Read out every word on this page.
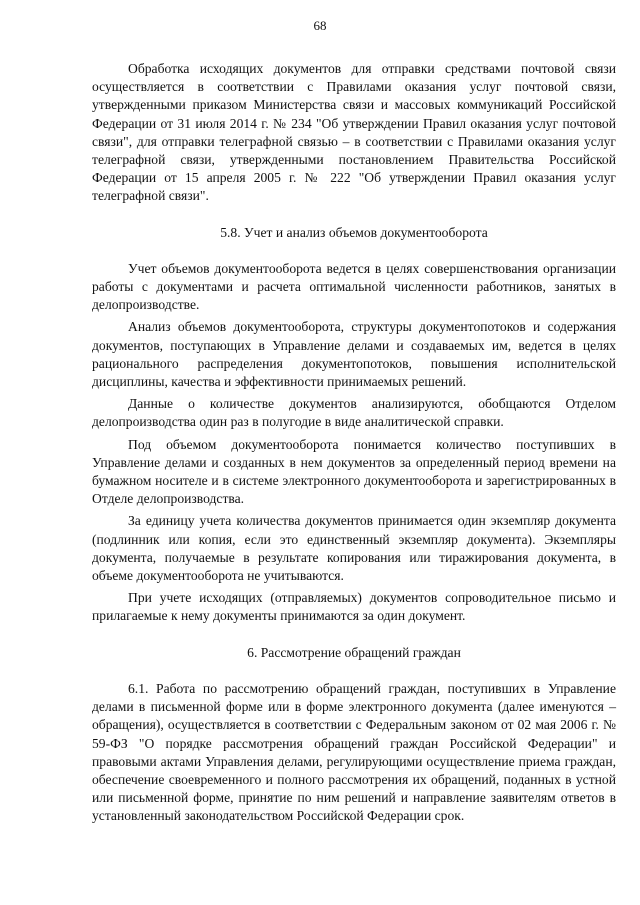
68

Обработка исходящих документов для отправки средствами почтовой связи осуществляется в соответствии с Правилами оказания услуг почтовой связи, утвержденными приказом Министерства связи и массовых коммуникаций Российской Федерации от 31 июля 2014 г. № 234 "Об утверждении Правил оказания услуг почтовой связи", для отправки телеграфной связью – в соответствии с Правилами оказания услуг телеграфной связи, утвержденными постановлением Правительства Российской Федерации от 15 апреля 2005 г. № 222 "Об утверждении Правил оказания услуг телеграфной связи".

5.8. Учет и анализ объемов документооборота

Учет объемов документооборота ведется в целях совершенствования организации работы с документами и расчета оптимальной численности работников, занятых в делопроизводстве.

Анализ объемов документооборота, структуры документопотоков и содержания документов, поступающих в Управление делами и создаваемых им, ведется в целях рационального распределения документопотоков, повышения исполнительской дисциплины, качества и эффективности принимаемых решений.

Данные о количестве документов анализируются, обобщаются Отделом делопроизводства один раз в полугодие в виде аналитической справки.

Под объемом документооборота понимается количество поступивших в Управление делами и созданных в нем документов за определенный период времени на бумажном носителе и в системе электронного документооборота и зарегистрированных в Отделе делопроизводства.

За единицу учета количества документов принимается один экземпляр документа (подлинник или копия, если это единственный экземпляр документа). Экземпляры документа, получаемые в результате копирования или тиражирования документа, в объеме документооборота не учитываются.

При учете исходящих (отправляемых) документов сопроводительное письмо и прилагаемые к нему документы принимаются за один документ.

6. Рассмотрение обращений граждан

6.1. Работа по рассмотрению обращений граждан, поступивших в Управление делами в письменной форме или в форме электронного документа (далее именуются – обращения), осуществляется в соответствии с Федеральным законом от 02 мая 2006 г. № 59-ФЗ "О порядке рассмотрения обращений граждан Российской Федерации" и правовыми актами Управления делами, регулирующими осуществление приема граждан, обеспечение своевременного и полного рассмотрения их обращений, поданных в устной или письменной форме, принятие по ним решений и направление заявителям ответов в установленный законодательством Российской Федерации срок.
